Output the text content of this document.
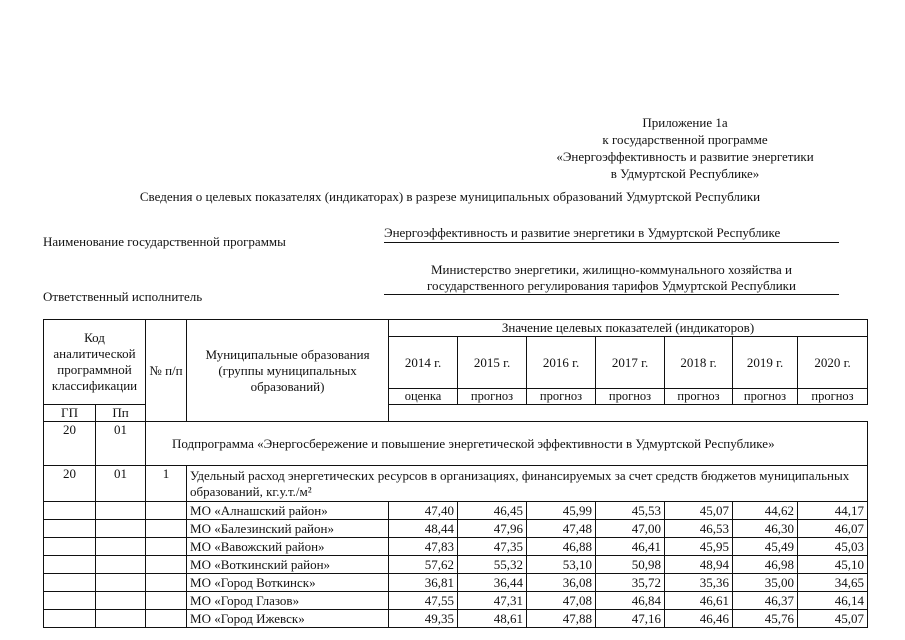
Приложение 1а
к государственной программе
«Энергоэффективность и развитие энергетики
в Удмуртской Республике»
Сведения о целевых показателях (индикаторах) в разрезе муниципальных образований Удмуртской Республики
Наименование государственной программы
Энергоэффективность и развитие энергетики в Удмуртской Республике
Ответственный исполнитель
Министерство энергетики, жилищно-коммунального хозяйства и
государственного регулирования тарифов Удмуртской Республики
Код аналитической программной классификации		№ п/п	Муниципальные образования (группы муниципальных образований)	Значение целевых показателей (индикаторов)						
				2014 г.	2015 г.	2016 г.	2017 г.	2018 г.	2019 г.	2020 г.
				оценка	прогноз	прогноз	прогноз	прогноз	прогноз	прогноз
ГП	Пп									
20	01	Подпрограмма «Энергосбережение и повышение энергетической эффективности в Удмуртской Республике»								
20	01	1	Удельный расход энергетических ресурсов в организациях, финансируемых за счет средств бюджетов муниципальных образований, кг.у.т./м²							
			МО «Алнашский район»	47,40	46,45	45,99	45,53	45,07	44,62	44,17
			МО «Балезинский район»	48,44	47,96	47,48	47,00	46,53	46,30	46,07
			МО «Вавожский район»	47,83	47,35	46,88	46,41	45,95	45,49	45,03
			МО «Воткинский район»	57,62	55,32	53,10	50,98	48,94	46,98	45,10
			МО «Город Воткинск»	36,81	36,44	36,08	35,72	35,36	35,00	34,65
			МО «Город Глазов»	47,55	47,31	47,08	46,84	46,61	46,37	46,14
			МО «Город Ижевск»	49,35	48,61	47,88	47,16	46,46	45,76	45,07
